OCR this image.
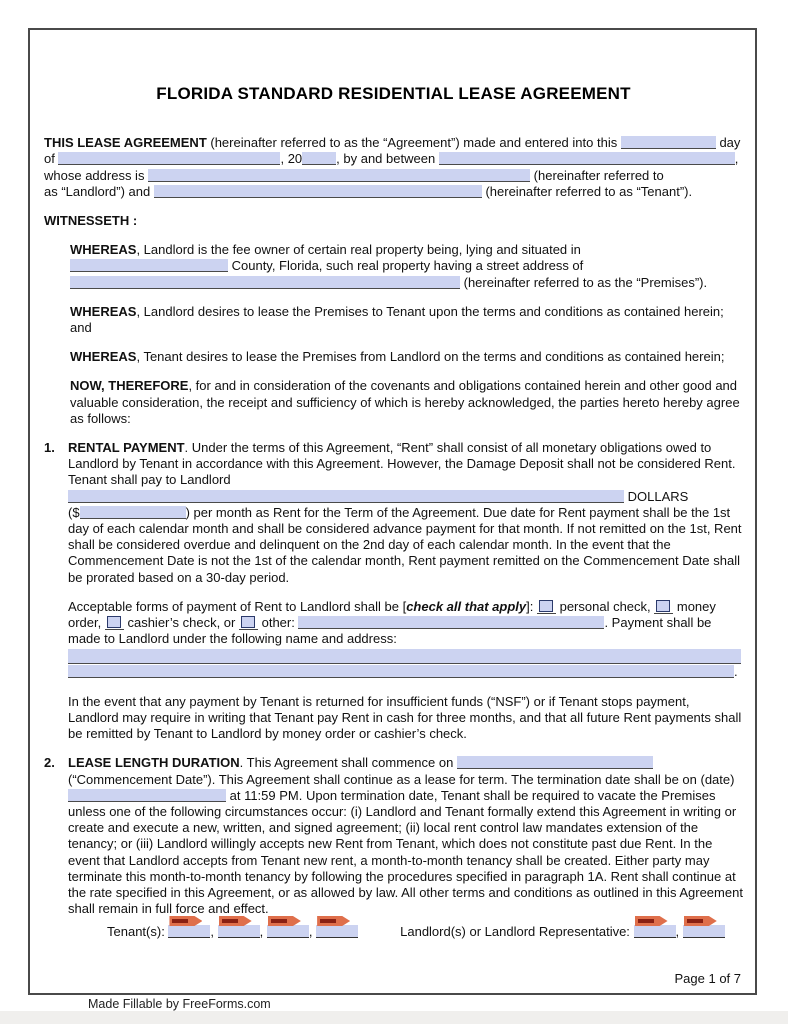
FLORIDA STANDARD RESIDENTIAL LEASE AGREEMENT
THIS LEASE AGREEMENT (hereinafter referred to as the “Agreement”) made and entered into this	day
of	, 20	, by and between	,
whose address is	(hereinafter referred to
as “Landlord”) and	(hereinafter referred to as “Tenant”).
WITNESSETH :
WHEREAS, Landlord is the fee owner of certain real property being, lying and situated in
County, Florida, such real property having a street address of
(hereinafter referred to as the “Premises”).
WHEREAS, Landlord desires to lease the Premises to Tenant upon the terms and conditions as contained herein; and
WHEREAS, Tenant desires to lease the Premises from Landlord on the terms and conditions as contained herein;
NOW, THEREFORE, for and in consideration of the covenants and obligations contained herein and other good and valuable consideration, the receipt and sufficiency of which is hereby acknowledged, the parties hereto hereby agree as follows:
1.	RENTAL PAYMENT. Under the terms of this Agreement, “Rent” shall consist of all monetary obligations owed to Landlord by Tenant in accordance with this Agreement. However, the Damage Deposit shall not be considered Rent. Tenant shall pay to Landlord
DOLLARS
($	) per month as Rent for the Term of the Agreement. Due date for Rent payment shall be the 1st day of each calendar month and shall be considered advance payment for that month. If not remitted on the 1st, Rent shall be considered overdue and delinquent on the 2nd day of each calendar month. In the event that the Commencement Date is not the 1st of the calendar month, Rent payment remitted on the Commencement Date shall be prorated based on a 30-day period.
Acceptable forms of payment of Rent to Landlord shall be [check all that apply]:  personal check,  money order,  cashier’s check, or  other:	. Payment shall be made to Landlord under the following name and address:
.
In the event that any payment by Tenant is returned for insufficient funds (“NSF”) or if Tenant stops payment, Landlord may require in writing that Tenant pay Rent in cash for three months, and that all future Rent payments shall be remitted by Tenant to Landlord by money order or cashier’s check.
2.	LEASE LENGTH DURATION. This Agreement shall commence on  (“Commencement Date”). This Agreement shall continue as a lease for term. The termination date shall be on (date)
at 11:59 PM. Upon termination date, Tenant shall be required to vacate the Premises unless one of the following circumstances occur: (i) Landlord and Tenant formally extend this Agreement in writing or create and execute a new, written, and signed agreement; (ii) local rent control law mandates extension of the tenancy; or (iii) Landlord willingly accepts new Rent from Tenant, which does not constitute past due Rent. In the event that Landlord accepts from Tenant new rent, a month-to-month tenancy shall be created. Either party may terminate this month-to-month tenancy by following the procedures specified in paragraph 1A. Rent shall continue at the rate specified in this Agreement, or as allowed by law. All other terms and conditions as outlined in this Agreement shall remain in full force and effect.
Tenant(s):	,	,	,	Landlord(s) or Landlord Representative:	,
Page 1 of 7
Made Fillable by FreeForms.com
